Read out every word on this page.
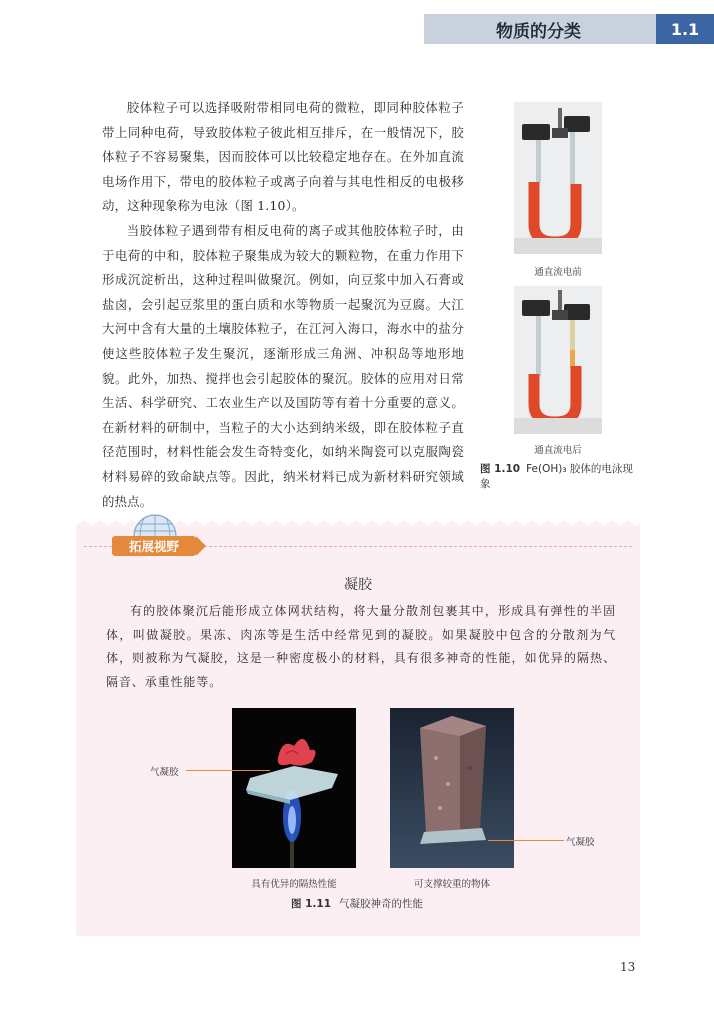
物质的分类	1.1

胶体粒子可以选择吸附带相同电荷的微粒，即同种胶体粒子带上同种电荷，导致胶体粒子彼此相互排斥，在一般情况下，胶体粒子不容易聚集，因而胶体可以比较稳定地存在。在外加直流电场作用下，带电的胶体粒子或离子向着与其电性相反的电极移动，这种现象称为电泳（图 1.10）。

当胶体粒子遇到带有相反电荷的离子或其他胶体粒子时，由于电荷的中和，胶体粒子聚集成为较大的颗粒物，在重力作用下形成沉淀析出，这种过程叫做聚沉。例如，向豆浆中加入石膏或盐卤，会引起豆浆里的蛋白质和水等物质一起聚沉为豆腐。大江大河中含有大量的土壤胶体粒子，在江河入海口，海水中的盐分使这些胶体粒子发生聚沉，逐渐形成三角洲、冲积岛等地形地貌。此外，加热、搅拌也会引起胶体的聚沉。胶体的应用对日常生活、科学研究、工农业生产以及国防等有着十分重要的意义。在新材料的研制中，当粒子的大小达到纳米级，即在胶体粒子直径范围时，材料性能会发生奇特变化，如纳米陶瓷可以克服陶瓷材料易碎的致命缺点等。因此，纳米材料已成为新材料研究领域的热点。

通直流电前
通直流电后
图 1.10 Fe(OH)₃ 胶体的电泳现象
拓展视野
凝胶

有的胶体聚沉后能形成立体网状结构，将大量分散剂包裹其中，形成具有弹性的半固体，叫做凝胶。果冻、肉冻等是生活中经常见到的凝胶。如果凝胶中包含的分散剂为气体，则被称为气凝胶，这是一种密度极小的材料，具有很多神奇的性能，如优异的隔热、隔音、承重性能等。

气凝胶
气凝胶
具有优异的隔热性能	可支撑较重的物体
图 1.11 气凝胶神奇的性能
13
